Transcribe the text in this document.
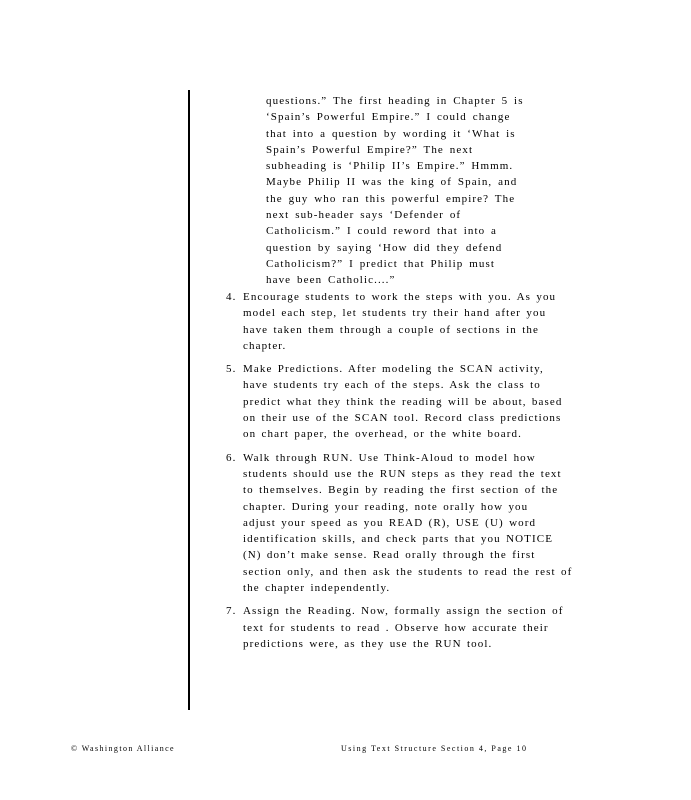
questions.” The first heading in Chapter 5 is
‘Spain’s Powerful Empire.” I could change
that into a question by wording it ‘What is
Spain’s Powerful Empire?” The next
subheading is ‘Philip II’s Empire.” Hmmm.
Maybe Philip II was the king of Spain, and
the guy who ran this powerful empire? The
next sub-header says ‘Defender of
Catholicism.” I could reword that into a
question by saying ‘How did they defend
Catholicism?” I predict that Philip must
have been Catholic....”
4. Encourage students to work the steps with you. As you
model each step, let students try their hand after you
have taken them through a couple of sections in the
chapter.
5. Make Predictions. After modeling the SCAN activity,
have students try each of the steps. Ask the class to
predict what they think the reading will be about, based
on their use of the SCAN tool. Record class predictions
on chart paper, the overhead, or the white board.
6. Walk through RUN. Use Think-Aloud to model how
students should use the RUN steps as they read the text
to themselves. Begin by reading the first section of the
chapter. During your reading, note orally how you
adjust your speed as you READ (R), USE (U) word
identification skills, and check parts that you NOTICE
(N) don’t make sense. Read orally through the first
section only, and then ask the students to read the rest of
the chapter independently.
7. Assign the Reading. Now, formally assign the section of
text for students to read . Observe how accurate their
predictions were, as they use the RUN tool.
© Washington Alliance	Using Text Structure Section 4, Page 10
